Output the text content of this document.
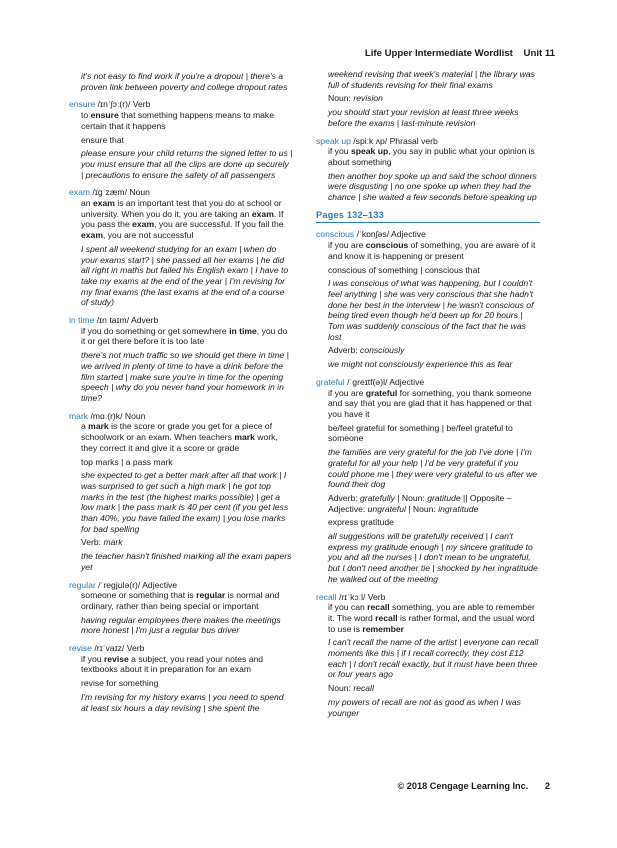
Life Upper Intermediate Wordlist Unit 11
it's not easy to find work if you're a dropout | there's a proven link between poverty and college dropout rates
ensure /ɪnˈʃɔː(r)/ Verb

to ensure that something happens means to make certain that it happens

ensure that

please ensure your child returns the signed letter to us | you must ensure that all the clips are done up securely | precautions to ensure the safety of all passengers

exam /ɪɡˈzæm/ Noun

an exam is an important test that you do at school or university. When you do it, you are taking an exam. If you pass the exam, you are successful. If you fail the exam, you are not successful

I spent all weekend studying for an exam | when do your exams start? | she passed all her exams | he did all right in maths but failed his English exam | I have to take my exams at the end of the year | I'm revising for my final exams (the last exams at the end of a course of study)

in time /ɪn taɪm/ Adverb

if you do something or get somewhere in time, you do it or get there before it is too late

there's not much traffic so we should get there in time | we arrived in plenty of time to have a drink before the film started | make sure you're in time for the opening speech | why do you never hand your homework in in time?

mark /mɑː(r)k/ Noun

a mark is the score or grade you get for a piece of schoolwork or an exam. When teachers mark work, they correct it and give it a score or grade

top marks | a pass mark

she expected to get a better mark after all that work | I was surprised to get such a high mark | he got top marks in the test (the highest marks possible) | get a low mark | the pass mark is 40 per cent (if you get less than 40%, you have failed the exam) | you lose marks for bad spelling

Verb: mark

the teacher hasn't finished marking all the exam papers yet

regular /ˈreɡjʊlə(r)/ Adjective

someone or something that is regular is normal and ordinary, rather than being special or important

having regular employees there makes the meetings more honest | I'm just a regular bus driver

revise /rɪˈvaɪz/ Verb

if you revise a subject, you read your notes and textbooks about it in preparation for an exam

revise for something

I'm revising for my history exams | you need to spend at least six hours a day revising | she spent the

weekend revising that week's material | the library was full of students revising for their final exams

Noun: revision

you should start your revision at least three weeks before the exams | last-minute revision

speak up /spiːk ʌp/ Phrasal verb

if you speak up, you say in public what your opinion is about something

then another boy spoke up and said the school dinners were disgusting | no one spoke up when they had the chance | she waited a few seconds before speaking up

Pages 132–133
conscious /ˈkɒnʃəs/ Adjective

if you are conscious of something, you are aware of it and know it is happening or present

conscious of something | conscious that

I was conscious of what was happening, but I couldn't feel anything | she was very conscious that she hadn't done her best in the interview | he wasn't conscious of being tired even though he'd been up for 20 hours | Tom was suddenly conscious of the fact that he was lost

Adverb: consciously

we might not consciously experience this as fear

grateful /ˈɡreɪtf(ə)l/ Adjective

if you are grateful for something, you thank someone and say that you are glad that it has happened or that you have it

be/feel grateful for something | be/feel grateful to someone

the families are very grateful for the job I've done | I'm grateful for all your help | I'd be very grateful if you could phone me | they were very grateful to us after we found their dog

Adverb: gratefully | Noun: gratitude || Opposite – Adjective: ungrateful | Noun: ingratitude

express gratitude

all suggestions will be gratefully received | I can't express my gratitude enough | my sincere gratitude to you and all the nurses | I don't mean to be ungrateful, but I don't need another tie | shocked by her ingratitude he walked out of the meeting

recall /rɪˈkɔːl/ Verb

if you can recall something, you are able to remember it. The word recall is rather formal, and the usual word to use is remember

I can't recall the name of the artist | everyone can recall moments like this | if I recall correctly, they cost £12 each | I don't recall exactly, but it must have been three or four years ago

Noun: recall

my powers of recall are not as good as when I was younger

© 2018 Cengage Learning Inc. 2
